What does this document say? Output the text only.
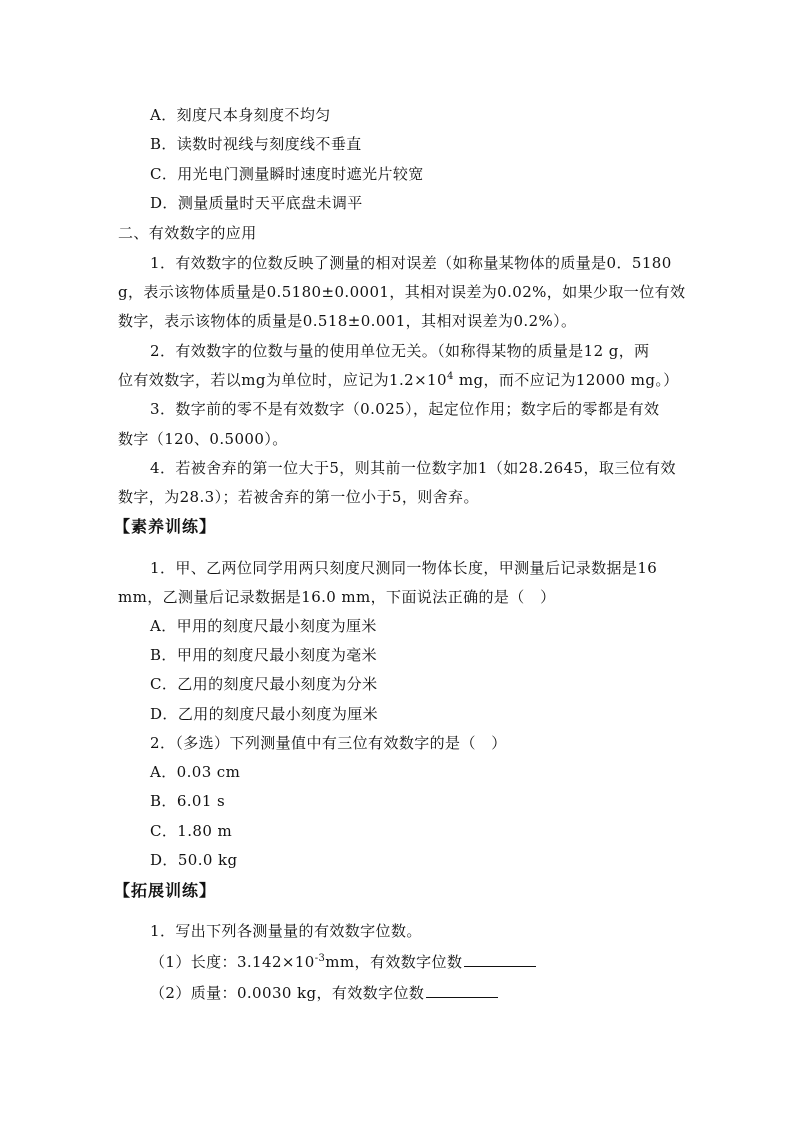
A．刻度尺本身刻度不均匀
B．读数时视线与刻度线不垂直
C．用光电门测量瞬时速度时遮光片较宽
D．测量质量时天平底盘未调平
二、有效数字的应用
1．有效数字的位数反映了测量的相对误差（如称量某物体的质量是0．5180
g，表示该物体质量是0.5180±0.0001，其相对误差为0.02%，如果少取一位有效
数字，表示该物体的质量是0.518±0.001，其相对误差为0.2%）。
2．有效数字的位数与量的使用单位无关。（如称得某物的质量是12 g，两
位有效数字，若以mg为单位时，应记为$1.2\times 10^4$ mg，而不应记为12000 mg。）
3．数字前的零不是有效数字（0.025），起定位作用；数字后的零都是有效
数字（120、0.5000）。
4．若被舍弃的第一位大于5，则其前一位数字加1（如28.2645，取三位有效
数字，为28.3）；若被舍弃的第一位小于5，则舍弃。
【素养训练】
1．甲、乙两位同学用两只刻度尺测同一物体长度，甲测量后记录数据是16
mm，乙测量后记录数据是16.0 mm，下面说法正确的是（　）
A．甲用的刻度尺最小刻度为厘米
B．甲用的刻度尺最小刻度为毫米
C．乙用的刻度尺最小刻度为分米
D．乙用的刻度尺最小刻度为厘米
2．（多选）下列测量值中有三位有效数字的是（　）
A．0.03 cm
B．6.01 s
C．1.80 m
D．50.0 kg
【拓展训练】
1．写出下列各测量量的有效数字位数。
（1）长度：$3.142\times 10^{-3}mm$，有效数字位数
（2）质量：0.0030 kg，有效数字位数
